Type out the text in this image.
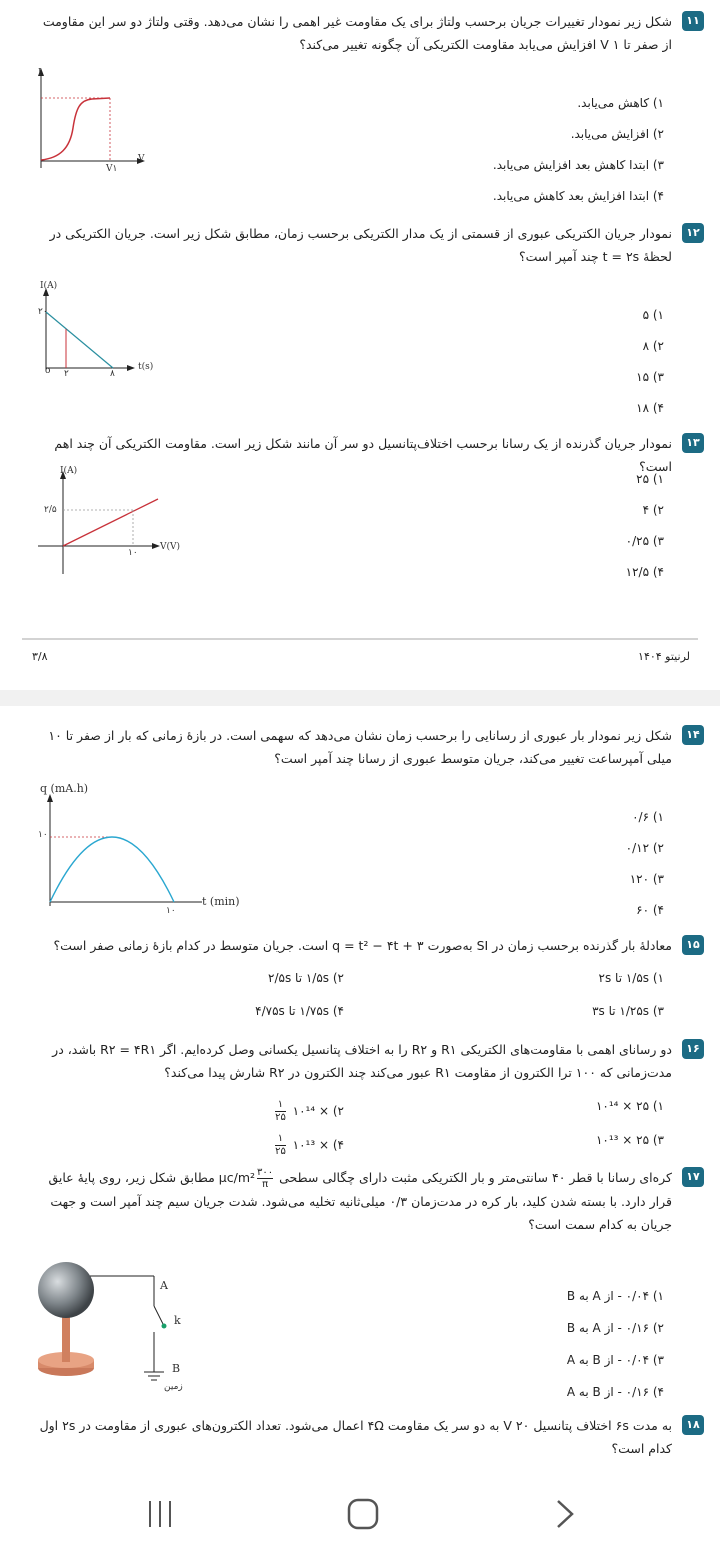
۱۱
شکل زیر نمودار تغییرات جریان برحسب ولتاژ برای یک مقاومت غیر اهمی را نشان می‌دهد. وقتی ولتاژ دو سر این مقاومت از صفر تا V ۱ افزایش می‌یابد مقاومت الکتریکی آن چگونه تغییر می‌کند؟
I
V
V۱
۱) کاهش می‌یابد.
۲) افزایش می‌یابد.
۳) ابتدا کاهش بعد افزایش می‌یابد.
۴) ابتدا افزایش بعد کاهش می‌یابد.
۱۲
نمودار جریان الکتریکی عبوری از قسمتی از یک مدار الکتریکی برحسب زمان، مطابق شکل زیر است. جریان الکتریکی در لحظهٔ t = ۲s چند آمپر است؟
I(A)
۲۰
o ۲	۸
t(s)
۱) ۵
۲) ۸
۳) ۱۵
۴) ۱۸
۱۳
نمودار جریان گذرنده از یک رسانا برحسب اختلاف‌پتانسیل دو سر آن مانند شکل زیر است. مقاومت الکتریکی آن چند اهم است؟
I(A)
۲/۵
۱۰
V(V)
۱) ۲۵
۲) ۴
۳) ۰/۲۵
۴) ۱۲/۵
۳/۸	لرنیتو ۱۴۰۴
۱۴
شکل زیر نمودار بار عبوری از رسانایی را برحسب زمان نشان می‌دهد که سهمی است. در بازهٔ زمانی که بار از صفر تا ۱۰ میلی آمپرساعت تغییر می‌کند، جریان متوسط عبوری از رسانا چند آمپر است؟
q (mA.h)
۱۰
۱۰
t (min)
۱) ۰/۶
۲) ۰/۱۲
۳) ۱۲۰
۴) ۶۰
۱۵
معادلهٔ بار گذرنده برحسب زمان در SI به‌صورت q = t² − ۴t + ۳ است. جریان متوسط در کدام بازهٔ زمانی صفر است؟
۱) ۱/۵s تا ۲s
۲) ۱/۵s تا ۲/۵s
۳) ۱/۲۵s تا ۳s
۴) ۱/۷۵s تا ۴/۷۵s
۱۶
دو رسانای اهمی با مقاومت‌های الکتریکی R۱ و R۲ را به اختلاف پتانسیل یکسانی وصل کرده‌ایم. اگر R۲ = ۴R۱ باشد، در مدت‌زمانی که ۱۰۰ ترا الکترون از مقاومت R۱ عبور می‌کند چند الکترون در R۲ شارش پیدا می‌کند؟
۱) ۲۵ × ۱۰¹⁴
۲) × ۱۰¹⁴
۱
۲۵
۳) ۲۵ × ۱۰¹³
۴) × ۱۰¹³
۱
۲۵
۱۷
کره‌ای رسانا با قطر ۴۰ سانتی‌متر و بار الکتریکی مثبت دارای چگالی سطحی
۳۰۰
π
μc/m² مطابق شکل زیر، روی پایهٔ عایق قرار دارد. با بسته شدن کلید، بار کره در مدت‌زمان ۰/۳ میلی‌ثانیه تخلیه می‌شود. شدت جریان سیم چند آمپر است و جهت جریان به کدام سمت است؟
A
k
B
زمین
۱) ۰/۰۴ - از A به B
۲) ۰/۱۶ - از A به B
۳) ۰/۰۴ - از B به A
۴) ۰/۱۶ - از B به A
۱۸
به مدت ۶s اختلاف پتانسیل ۲۰ V به دو سر یک مقاومت ۴Ω اعمال می‌شود. تعداد الکترون‌های عبوری از مقاومت در ۲s اول کدام است؟
